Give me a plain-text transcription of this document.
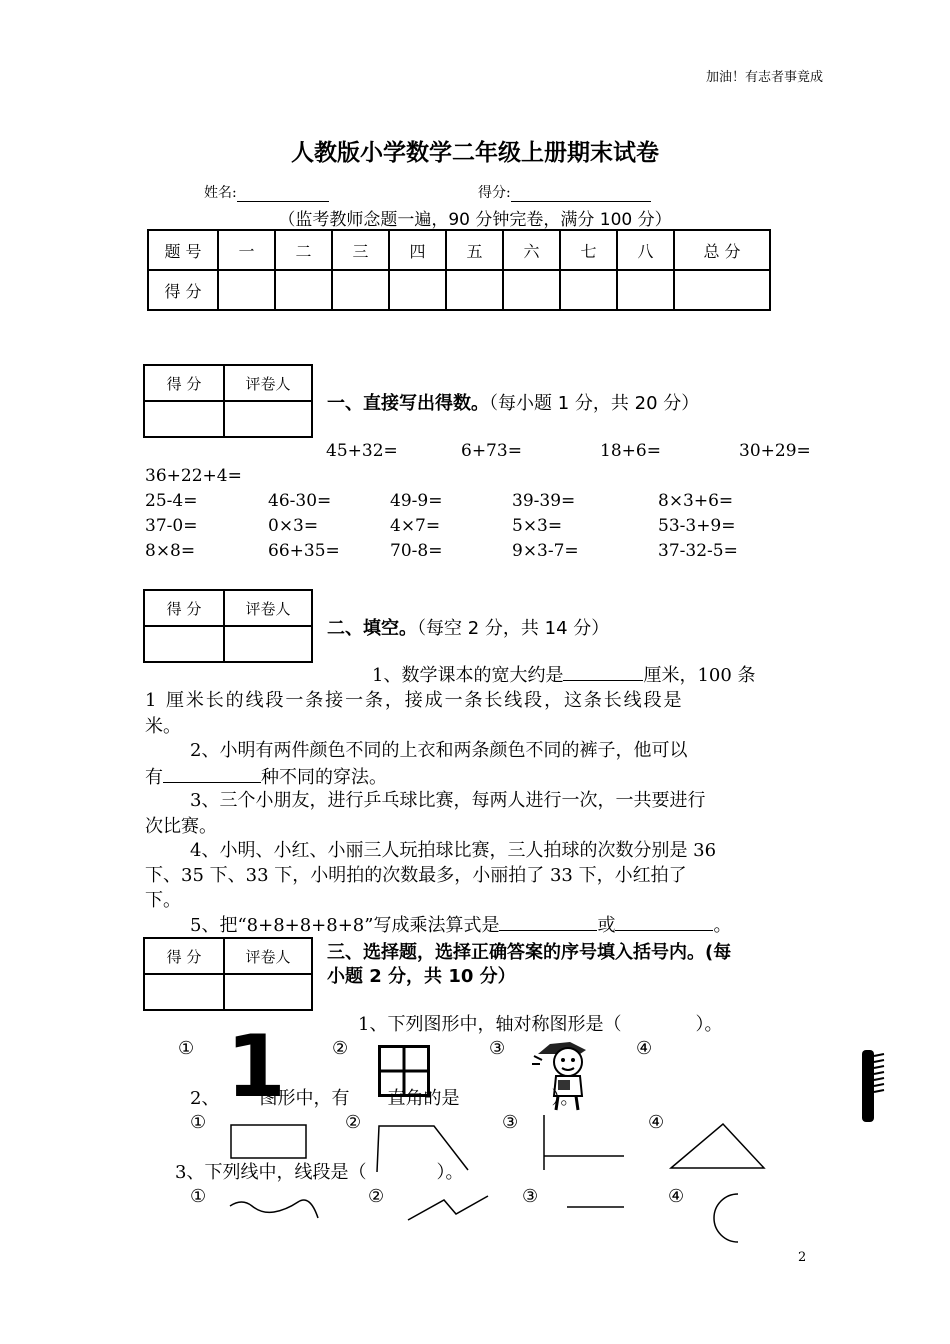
加油！有志者事竟成
人教版小学数学二年级上册期末试卷
姓名:	得分:
（监考教师念题一遍，90 分钟完卷，满分 100 分）
题 号	一	二	三	四	五	六	七	八	总 分
得 分									
得 分	评卷人

一、直接写出得数。（每小题 1 分，共 20 分）
45+32=	6+73=	18+6=	30+29=
36+22+4=
25-4=	46-30=	49-9=	39-39=	8×3+6=
37-0=	0×3=	4×7=	5×3=	53-3+9=
8×8=	66+35=	70-8=	9×3-7=	37-32-5=
得 分	评卷人

二、填空。（每空 2 分，共 14 分）
1、数学课本的宽大约是	厘米，100 条
1 厘米长的线段一条接一条，接成一条长线段，这条长线段是
米。
2、小明有两件颜色不同的上衣和两条颜色不同的裤子，他可以
有	种不同的穿法。
3、三个小朋友，进行乒乓球比赛，每两人进行一次，一共要进行
次比赛。
4、小明、小红、小丽三人玩拍球比赛，三人拍球的次数分别是 36
下、35 下、33 下，小明拍的次数最多，小丽拍了 33 下，小红拍了
下。
5、把“8+8+8+8+8”写成乘法算式是	或	。
得 分	评卷人
	三、选择题，选择正确答案的序号填入括号内。(每
小题 2 分，共 10 分）
1、下列图形中，轴对称图形是（	）。
① 1	②	③	④
2、 图形中，有 直角的是	）。
①	②	③	④
3、下列线中，线段是（	）。
①	②	③	④
2
